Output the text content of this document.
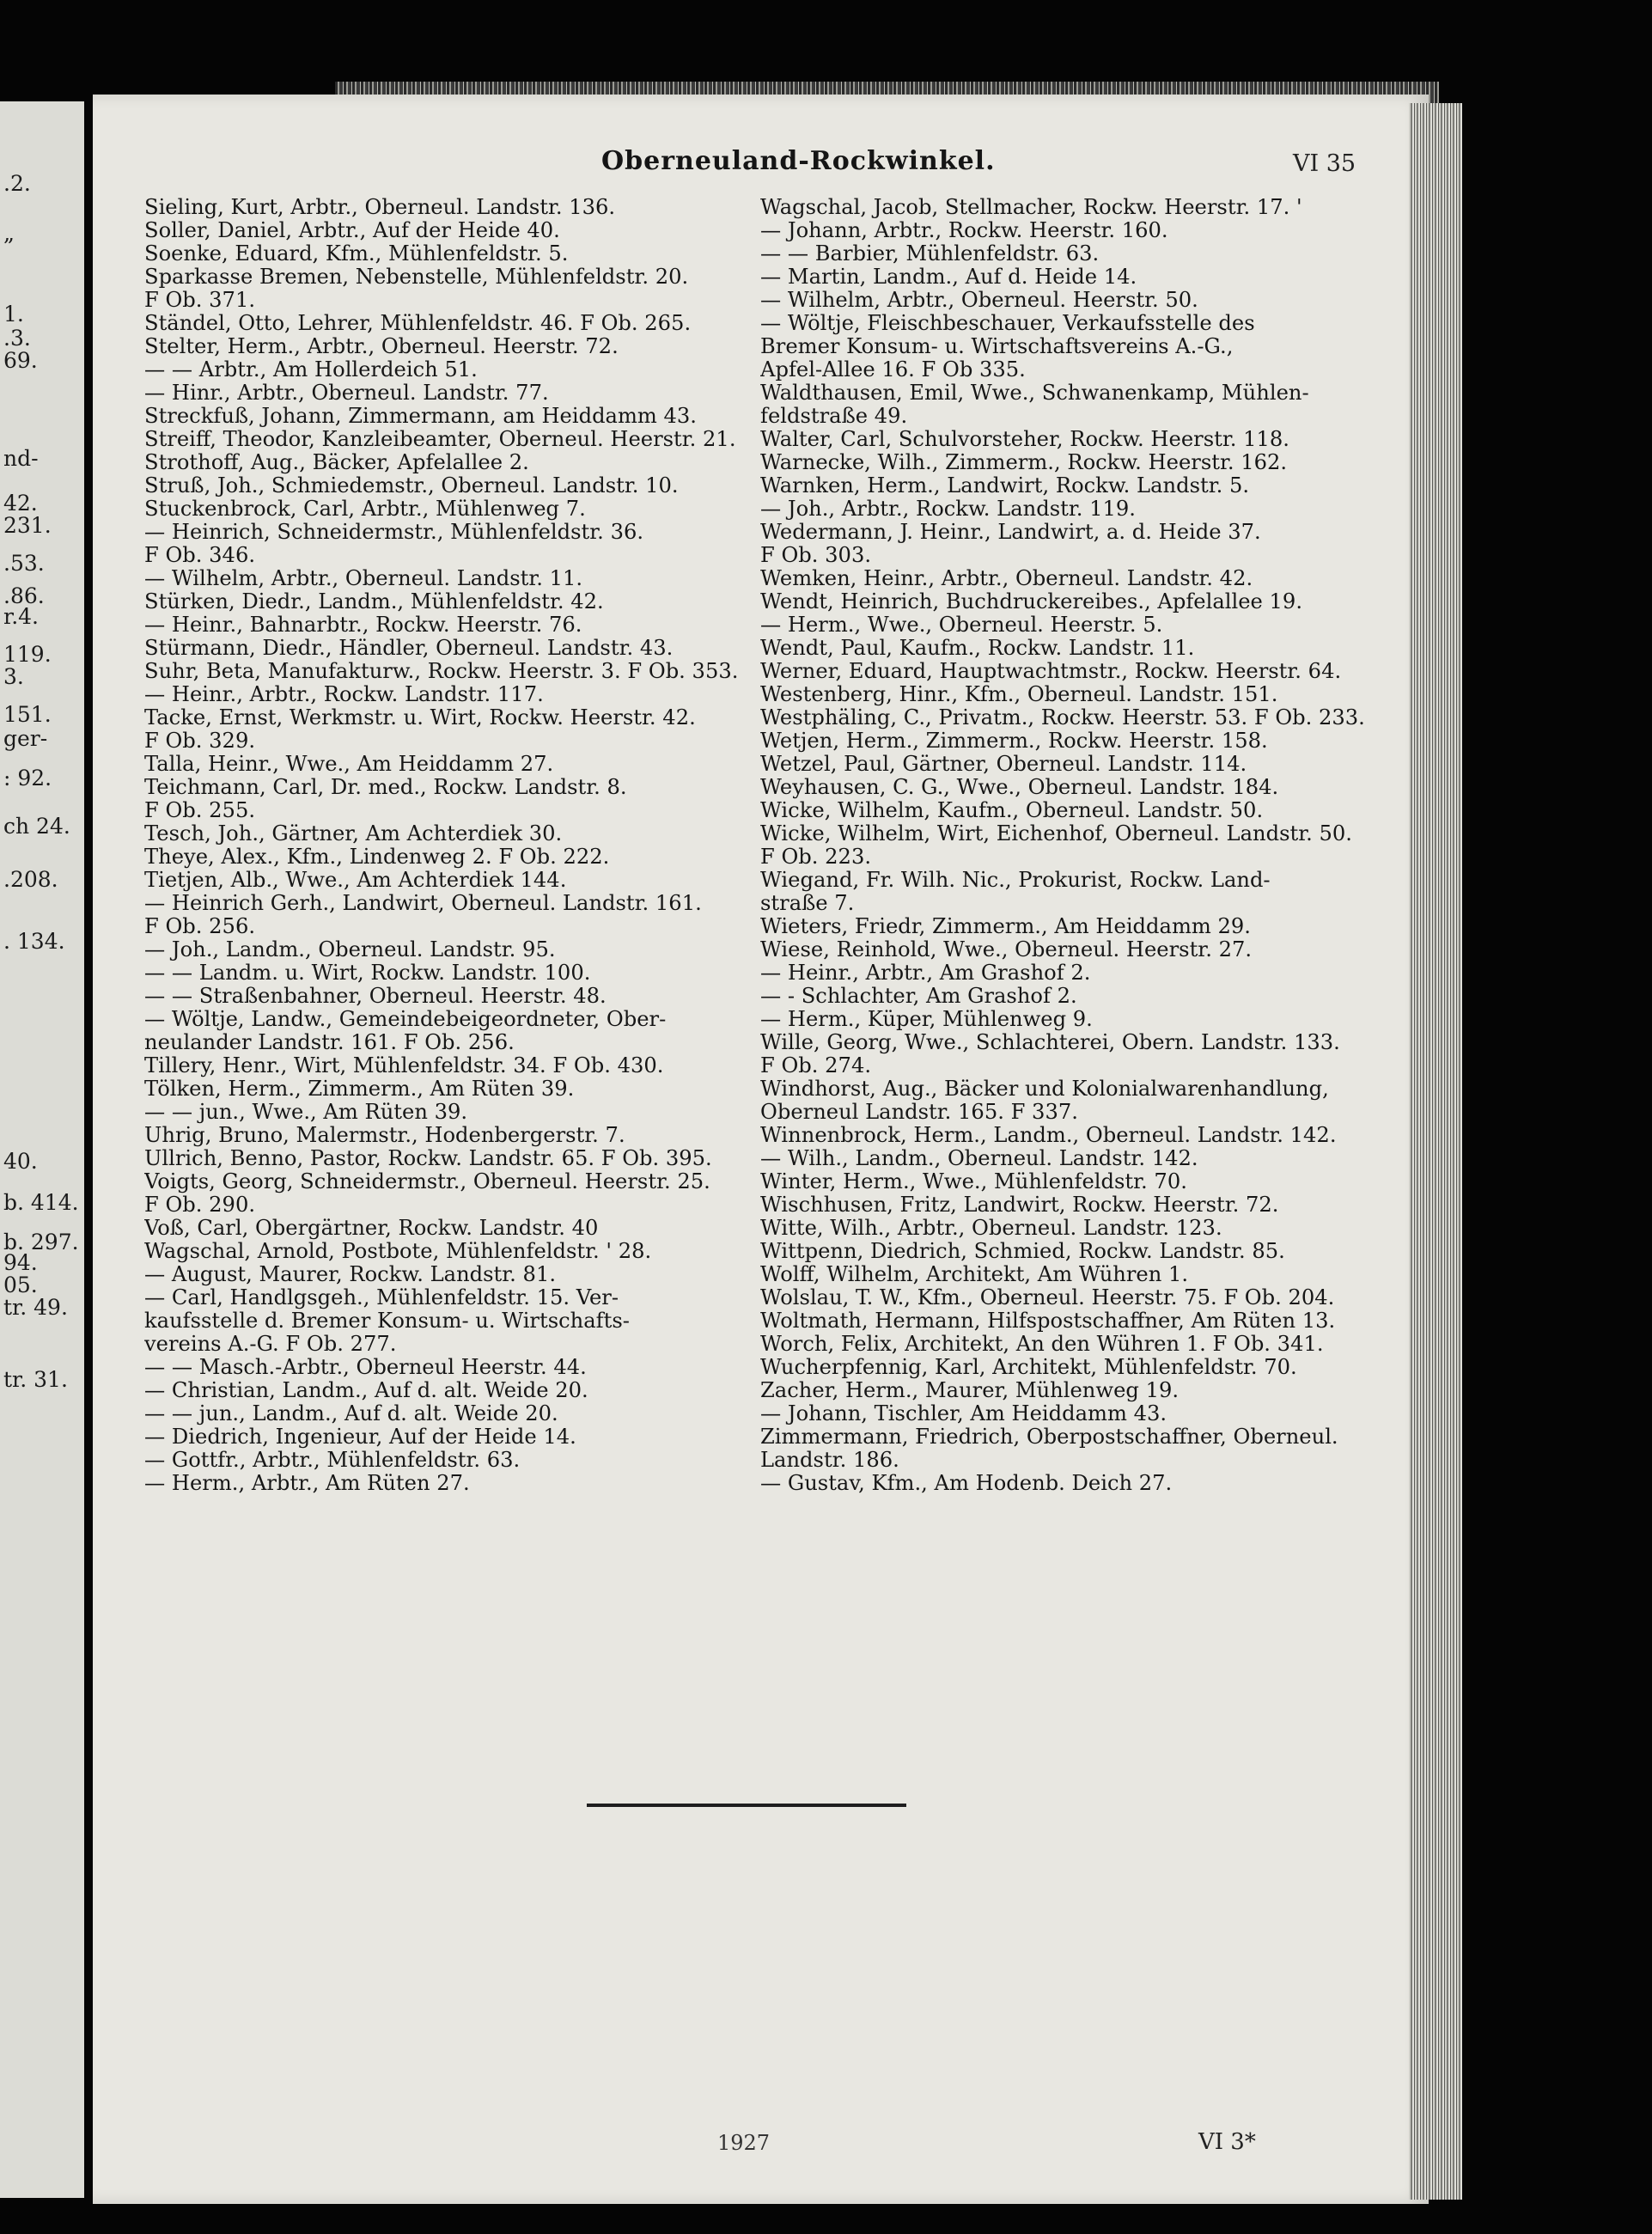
.2.
„
1.
.3.
69.
nd-
42.
231.
.53.
.86.
r.4.
119.
3.
151.
ger-
: 92.
ch 24.
.208.
. 134.
40.
b. 414.
b. 297.
94.
05.
tr. 49.
tr. 31.
Oberneuland-Rockwinkel.	VI 35
Sieling, Kurt, Arbtr., Oberneul. Landstr. 136.
Soller, Daniel, Arbtr., Auf der Heide 40.
Soenke, Eduard, Kfm., Mühlenfeldstr. 5.
Sparkasse Bremen, Nebenstelle, Mühlenfeldstr. 20.
F Ob. 371.
Ständel, Otto, Lehrer, Mühlenfeldstr. 46. F Ob. 265.
Stelter, Herm., Arbtr., Oberneul. Heerstr. 72.
— — Arbtr., Am Hollerdeich 51.
— Hinr., Arbtr., Oberneul. Landstr. 77.
Streckfuß, Johann, Zimmermann, am Heiddamm 43.
Streiff, Theodor, Kanzleibeamter, Oberneul. Heerstr. 21.
Strothoff, Aug., Bäcker, Apfelallee 2.
Struß, Joh., Schmiedemstr., Oberneul. Landstr. 10.
Stuckenbrock, Carl, Arbtr., Mühlenweg 7.
— Heinrich, Schneidermstr., Mühlenfeldstr. 36.
F Ob. 346.
— Wilhelm, Arbtr., Oberneul. Landstr. 11.
Stürken, Diedr., Landm., Mühlenfeldstr. 42.
— Heinr., Bahnarbtr., Rockw. Heerstr. 76.
Stürmann, Diedr., Händler, Oberneul. Landstr. 43.
Suhr, Beta, Manufakturw., Rockw. Heerstr. 3. F Ob. 353.
— Heinr., Arbtr., Rockw. Landstr. 117.
Tacke, Ernst, Werkmstr. u. Wirt, Rockw. Heerstr. 42.
F Ob. 329.
Talla, Heinr., Wwe., Am Heiddamm 27.
Teichmann, Carl, Dr. med., Rockw. Landstr. 8.
F Ob. 255.
Tesch, Joh., Gärtner, Am Achterdiek 30.
Theye, Alex., Kfm., Lindenweg 2. F Ob. 222.
Tietjen, Alb., Wwe., Am Achterdiek 144.
— Heinrich Gerh., Landwirt, Oberneul. Landstr. 161.
F Ob. 256.
— Joh., Landm., Oberneul. Landstr. 95.
— — Landm. u. Wirt, Rockw. Landstr. 100.
— — Straßenbahner, Oberneul. Heerstr. 48.
— Wöltje, Landw., Gemeindebeigeordneter, Ober-
neulander Landstr. 161. F Ob. 256.
Tillery, Henr., Wirt, Mühlenfeldstr. 34. F Ob. 430.
Tölken, Herm., Zimmerm., Am Rüten 39.
— — jun., Wwe., Am Rüten 39.
Uhrig, Bruno, Malermstr., Hodenbergerstr. 7.
Ullrich, Benno, Pastor, Rockw. Landstr. 65. F Ob. 395.
Voigts, Georg, Schneidermstr., Oberneul. Heerstr. 25.
F Ob. 290.
Voß, Carl, Obergärtner, Rockw. Landstr. 40
Wagschal, Arnold, Postbote, Mühlenfeldstr. ' 28.
— August, Maurer, Rockw. Landstr. 81.
— Carl, Handlgsgeh., Mühlenfeldstr. 15. Ver-
kaufsstelle d. Bremer Konsum- u. Wirtschafts-
vereins A.-G. F Ob. 277.
— — Masch.-Arbtr., Oberneul Heerstr. 44.
— Christian, Landm., Auf d. alt. Weide 20.
— — jun., Landm., Auf d. alt. Weide 20.
— Diedrich, Ingenieur, Auf der Heide 14.
— Gottfr., Arbtr., Mühlenfeldstr. 63.
— Herm., Arbtr., Am Rüten 27.
Wagschal, Jacob, Stellmacher, Rockw. Heerstr. 17. '
— Johann, Arbtr., Rockw. Heerstr. 160.
— — Barbier, Mühlenfeldstr. 63.
— Martin, Landm., Auf d. Heide 14.
— Wilhelm, Arbtr., Oberneul. Heerstr. 50.
— Wöltje, Fleischbeschauer, Verkaufsstelle des
Bremer Konsum- u. Wirtschaftsvereins A.-G.,
Apfel-Allee 16. F Ob 335.
Waldthausen, Emil, Wwe., Schwanenkamp, Mühlen-
feldstraße 49.
Walter, Carl, Schulvorsteher, Rockw. Heerstr. 118.
Warnecke, Wilh., Zimmerm., Rockw. Heerstr. 162.
Warnken, Herm., Landwirt, Rockw. Landstr. 5.
— Joh., Arbtr., Rockw. Landstr. 119.
Wedermann, J. Heinr., Landwirt, a. d. Heide 37.
F Ob. 303.
Wemken, Heinr., Arbtr., Oberneul. Landstr. 42.
Wendt, Heinrich, Buchdruckereibes., Apfelallee 19.
— Herm., Wwe., Oberneul. Heerstr. 5.
Wendt, Paul, Kaufm., Rockw. Landstr. 11.
Werner, Eduard, Hauptwachtmstr., Rockw. Heerstr. 64.
Westenberg, Hinr., Kfm., Oberneul. Landstr. 151.
Westphäling, C., Privatm., Rockw. Heerstr. 53. F Ob. 233.
Wetjen, Herm., Zimmerm., Rockw. Heerstr. 158.
Wetzel, Paul, Gärtner, Oberneul. Landstr. 114.
Weyhausen, C. G., Wwe., Oberneul. Landstr. 184.
Wicke, Wilhelm, Kaufm., Oberneul. Landstr. 50.
Wicke, Wilhelm, Wirt, Eichenhof, Oberneul. Landstr. 50.
F Ob. 223.
Wiegand, Fr. Wilh. Nic., Prokurist, Rockw. Land-
straße 7.
Wieters, Friedr, Zimmerm., Am Heiddamm 29.
Wiese, Reinhold, Wwe., Oberneul. Heerstr. 27.
— Heinr., Arbtr., Am Grashof 2.
— - Schlachter, Am Grashof 2.
— Herm., Küper, Mühlenweg 9.
Wille, Georg, Wwe., Schlachterei, Obern. Landstr. 133.
F Ob. 274.
Windhorst, Aug., Bäcker und Kolonialwarenhandlung,
Oberneul Landstr. 165. F 337.
Winnenbrock, Herm., Landm., Oberneul. Landstr. 142.
— Wilh., Landm., Oberneul. Landstr. 142.
Winter, Herm., Wwe., Mühlenfeldstr. 70.
Wischhusen, Fritz, Landwirt, Rockw. Heerstr. 72.
Witte, Wilh., Arbtr., Oberneul. Landstr. 123.
Wittpenn, Diedrich, Schmied, Rockw. Landstr. 85.
Wolff, Wilhelm, Architekt, Am Wühren 1.
Wolslau, T. W., Kfm., Oberneul. Heerstr. 75. F Ob. 204.
Woltmath, Hermann, Hilfspostschaffner, Am Rüten 13.
Worch, Felix, Architekt, An den Wühren 1. F Ob. 341.
Wucherpfennig, Karl, Architekt, Mühlenfeldstr. 70.
Zacher, Herm., Maurer, Mühlenweg 19.
— Johann, Tischler, Am Heiddamm 43.
Zimmermann, Friedrich, Oberpostschaffner, Oberneul.
Landstr. 186.
— Gustav, Kfm., Am Hodenb. Deich 27.
1927	VI 3*
